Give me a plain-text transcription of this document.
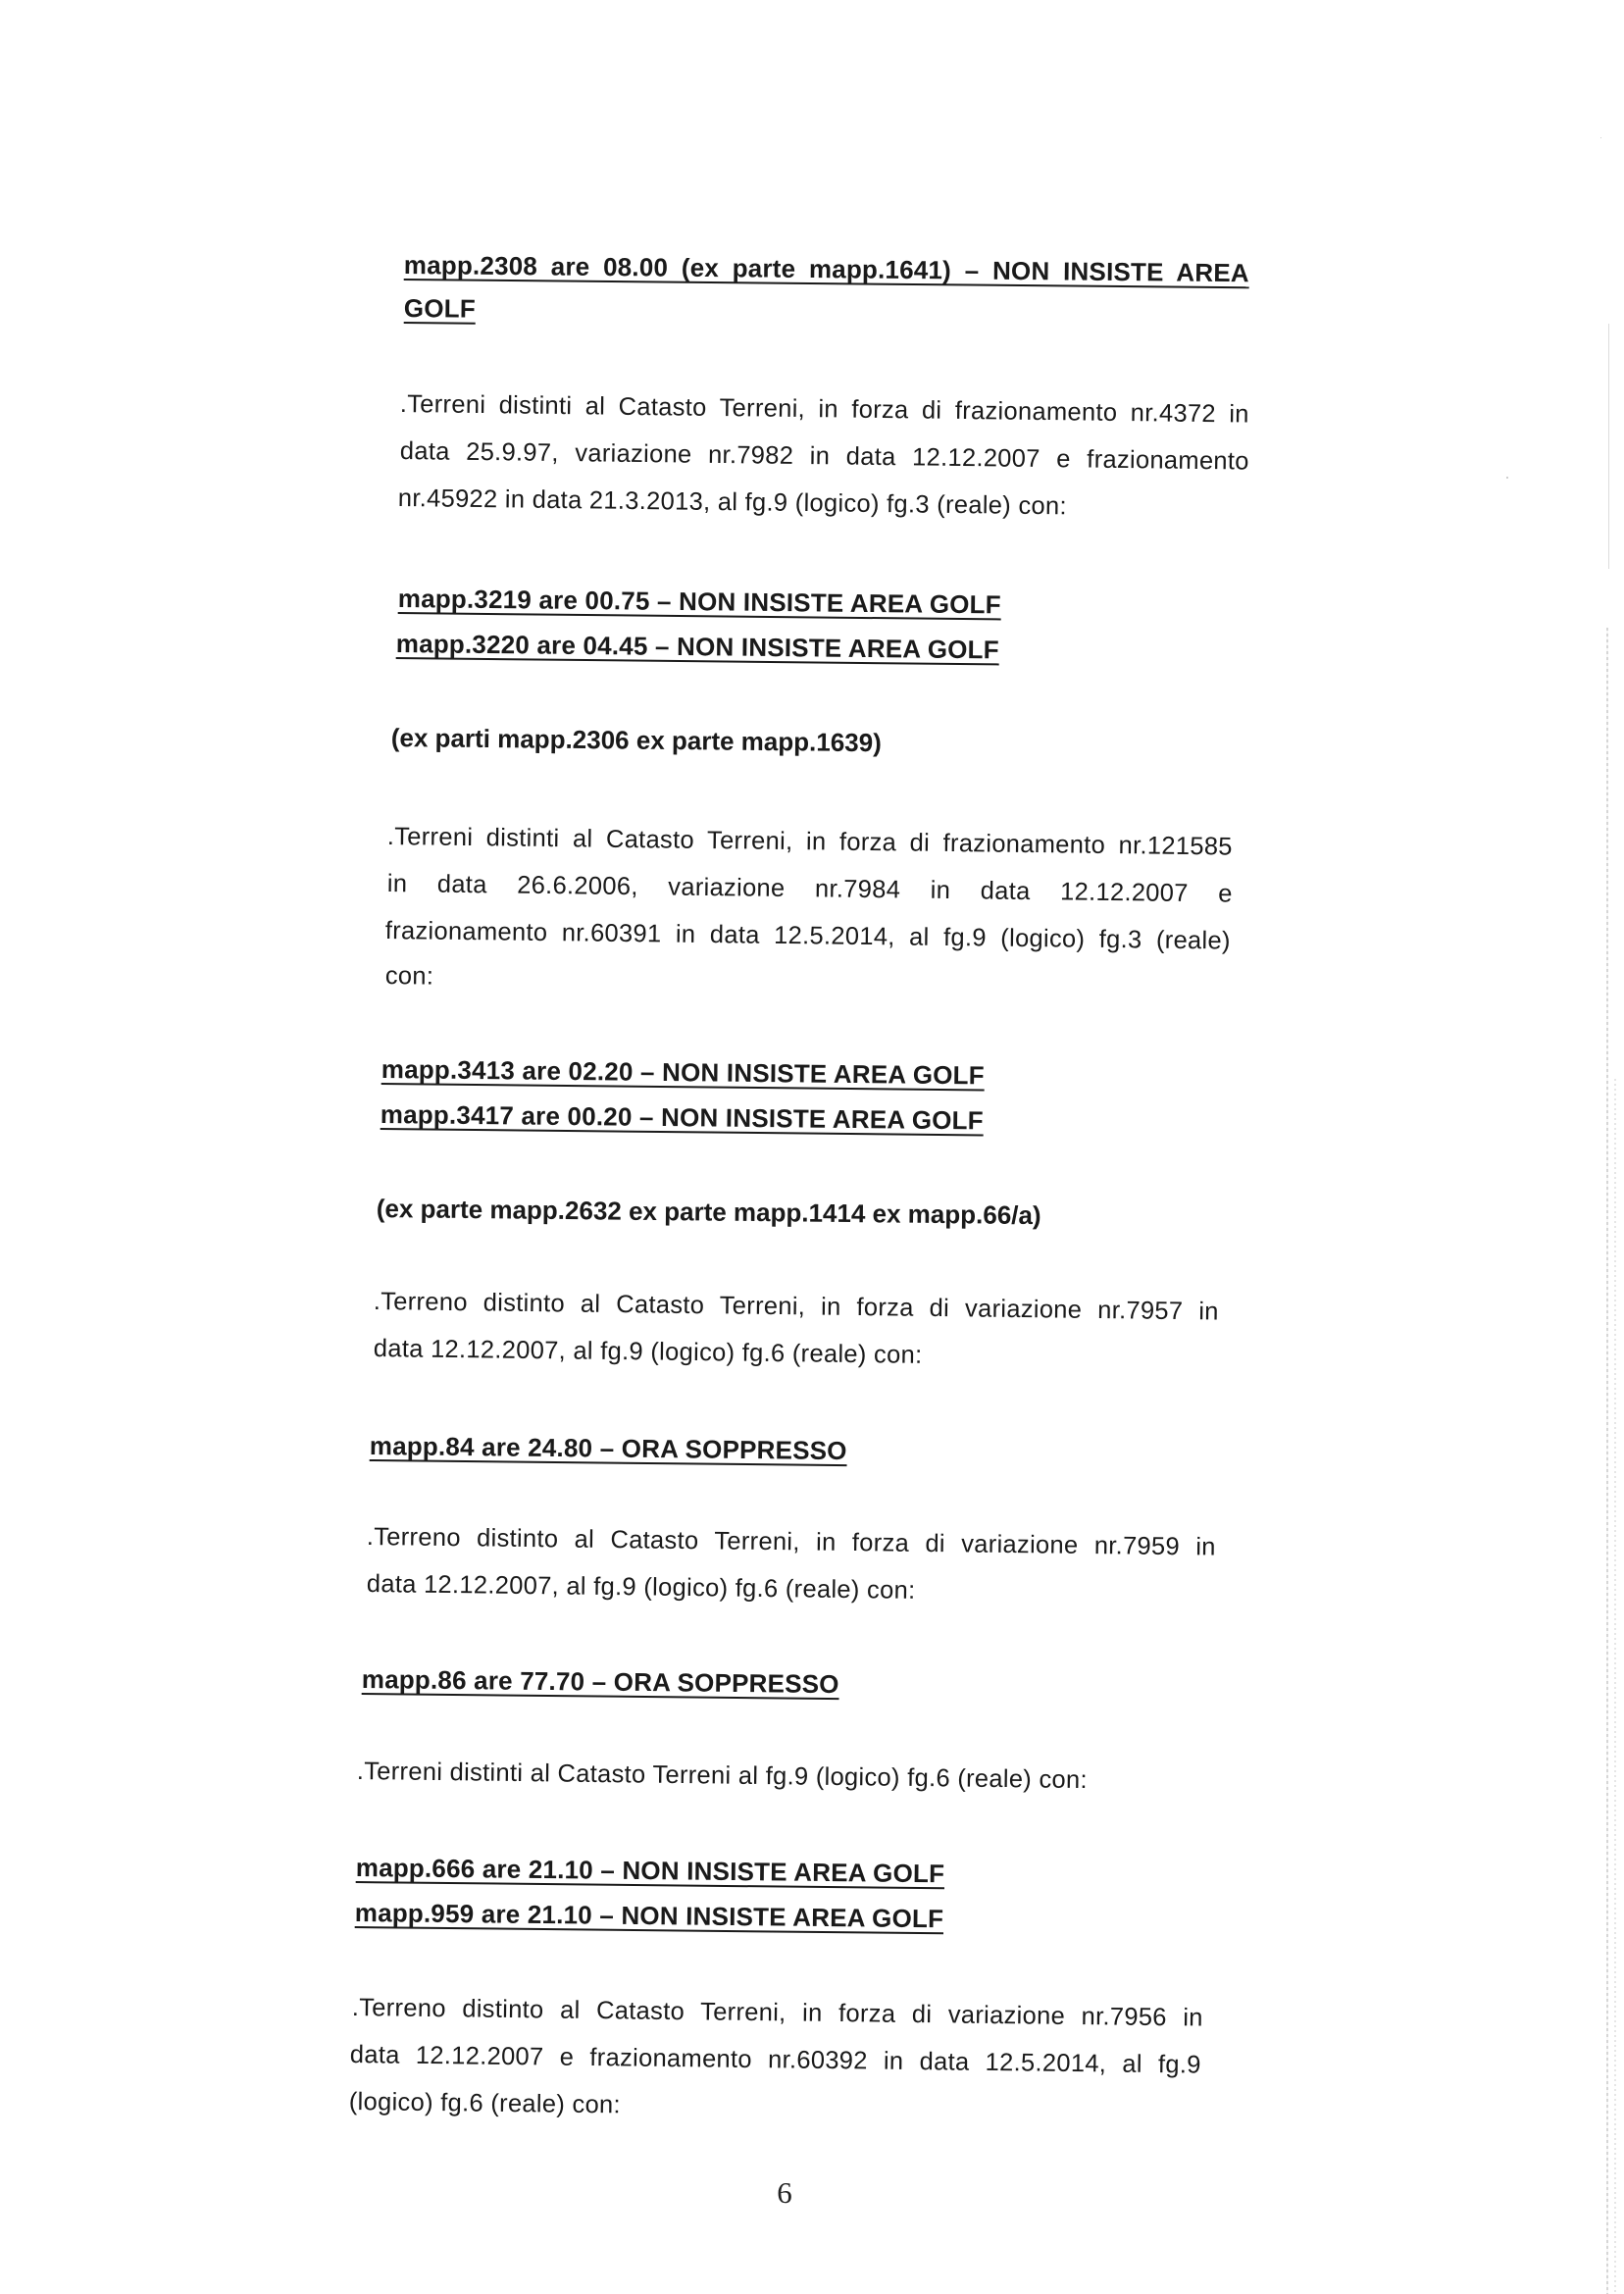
mapp.2308 are 08.00 (ex parte mapp.1641) – NON INSISTE AREA
GOLF
.Terreni distinti al Catasto Terreni, in forza di frazionamento nr.4372 in
data 25.9.97, variazione nr.7982 in data 12.12.2007 e frazionamento
nr.45922 in data 21.3.2013, al fg.9 (logico) fg.3 (reale) con:
mapp.3219 are 00.75 – NON INSISTE AREA GOLF
mapp.3220 are 04.45 – NON INSISTE AREA GOLF
(ex parti mapp.2306 ex parte mapp.1639)
.Terreni distinti al Catasto Terreni, in forza di frazionamento nr.121585
in data 26.6.2006, variazione nr.7984 in data 12.12.2007 e
frazionamento nr.60391 in data 12.5.2014, al fg.9 (logico) fg.3 (reale)
con:
mapp.3413 are 02.20 – NON INSISTE AREA GOLF
mapp.3417 are 00.20 – NON INSISTE AREA GOLF
(ex parte mapp.2632 ex parte mapp.1414 ex mapp.66/a)
.Terreno distinto al Catasto Terreni, in forza di variazione nr.7957 in
data 12.12.2007, al fg.9 (logico) fg.6 (reale) con:
mapp.84 are 24.80 – ORA SOPPRESSO
.Terreno distinto al Catasto Terreni, in forza di variazione nr.7959 in
data 12.12.2007, al fg.9 (logico) fg.6 (reale) con:
mapp.86 are 77.70 – ORA SOPPRESSO
.Terreni distinti al Catasto Terreni al fg.9 (logico) fg.6 (reale) con:
mapp.666 are 21.10 – NON INSISTE AREA GOLF
mapp.959 are 21.10 – NON INSISTE AREA GOLF
.Terreno distinto al Catasto Terreni, in forza di variazione nr.7956 in
data 12.12.2007 e frazionamento nr.60392 in data 12.5.2014, al fg.9
(logico) fg.6 (reale) con:
6
